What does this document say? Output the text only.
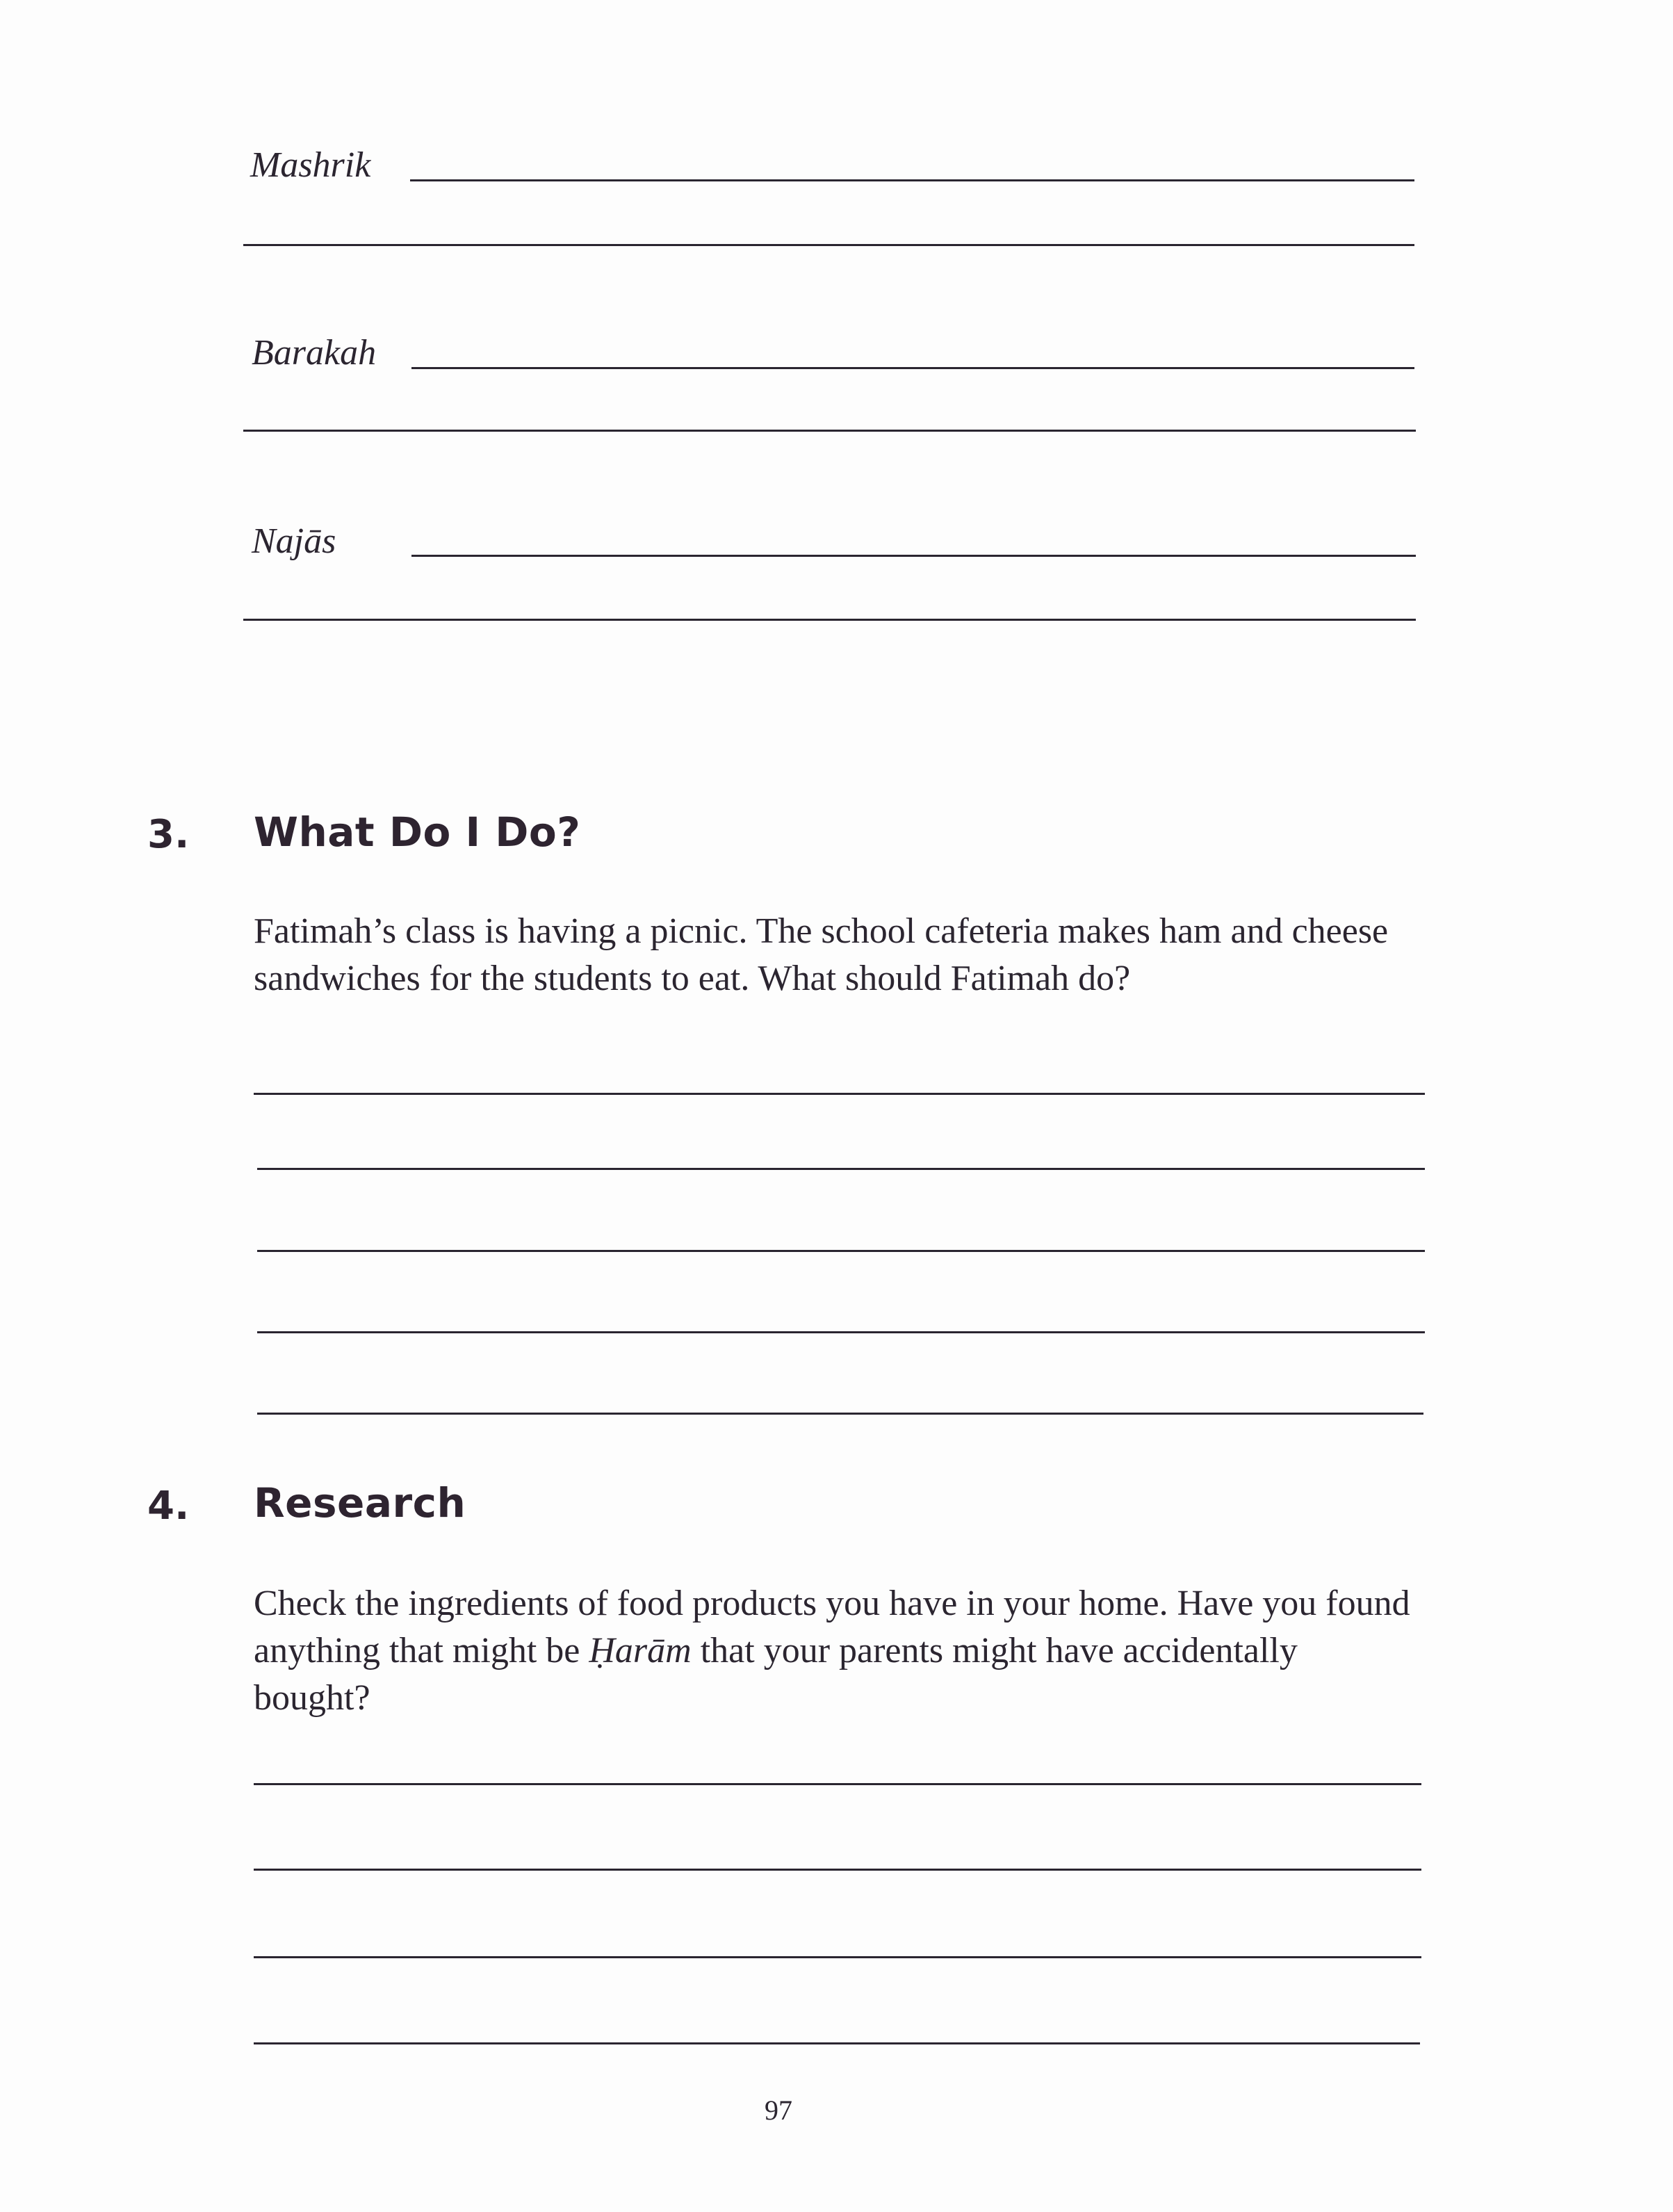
Mashrik
Barakah
Najās
3. What Do I Do?
Fatimah’s class is having a picnic. The school cafeteria makes ham and cheese sandwiches for the students to eat. What should Fatimah do?
4. Research
Check the ingredients of food products you have in your home. Have you found anything that might be Ḥarām that your parents might have accidentally bought?
97
